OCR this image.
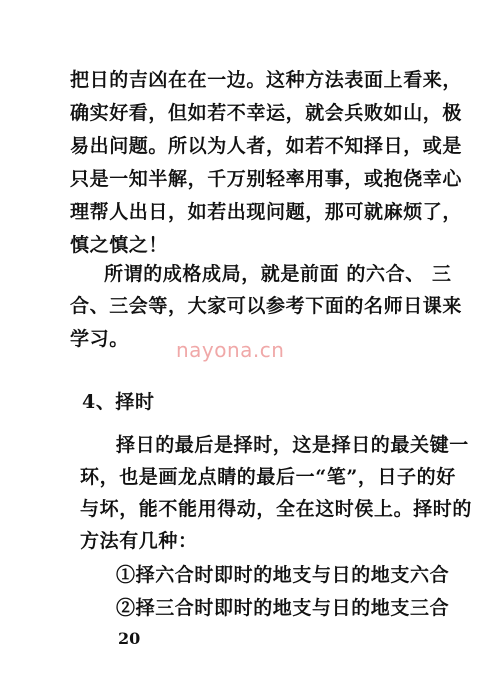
把日的吉凶在在一边。这种方法表面上看来，
确实好看，但如若不幸运，就会兵败如山，极
易出问题。所以为人者，如若不知择日，或是
只是一知半解，千万别轻率用事，或抱侥幸心
理帮人出日，如若出现问题，那可就麻烦了，
慎之慎之！
所谓的成格成局，就是前面 的六合、 三
合、三会等，大家可以参考下面的名师日课来
学习。 nayona.cn
4、择时
择日的最后是择时，这是择日的最关键一
环，也是画龙点睛的最后一“笔”，日子的好
与坏，能不能用得动，全在这时侯上。择时的
方法有几种：
①择六合时即时的地支与日的地支六合
②择三合时即时的地支与日的地支三合
20
